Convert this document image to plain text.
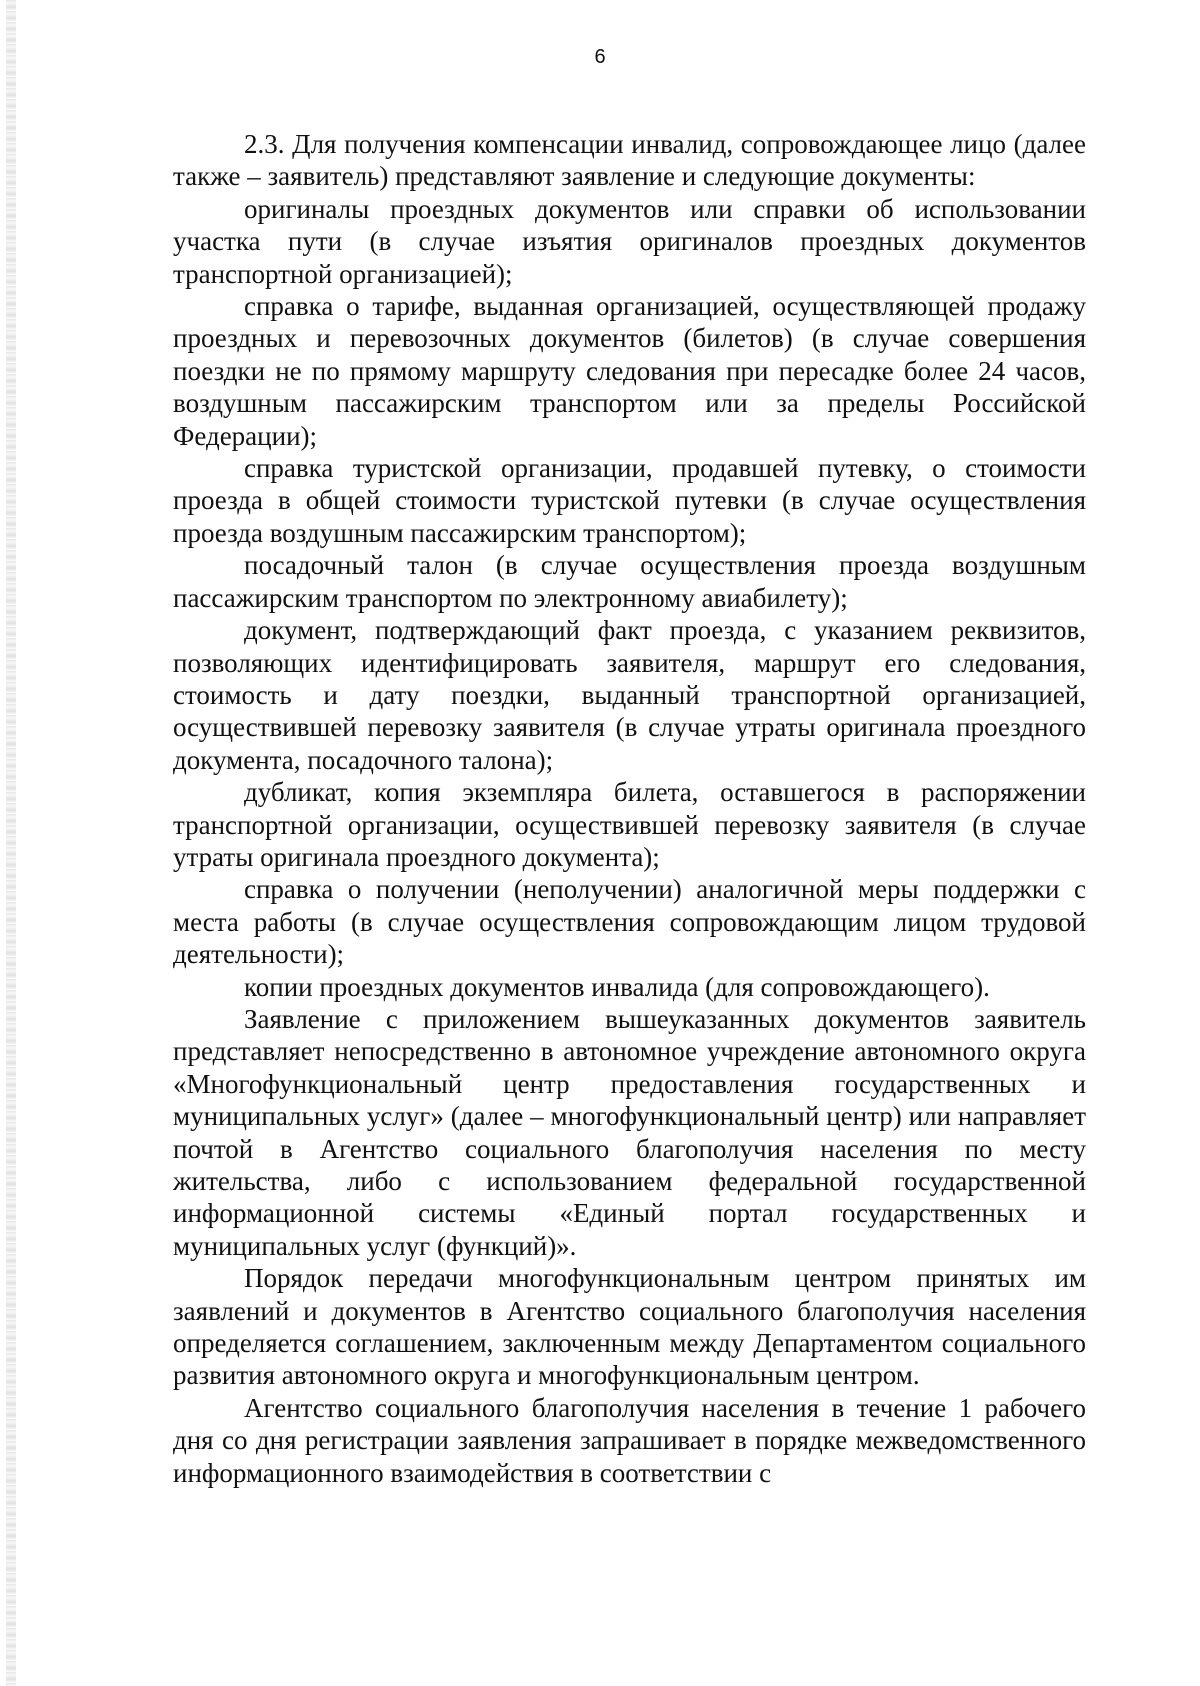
6

2.3. Для получения компенсации инвалид, сопровождающее лицо (далее также – заявитель) представляют заявление и следующие документы:

оригиналы проездных документов или справки об использовании участка пути (в случае изъятия оригиналов проездных документов транспортной организацией);

справка о тарифе, выданная организацией, осуществляющей продажу проездных и перевозочных документов (билетов) (в случае совершения поездки не по прямому маршруту следования при пересадке более 24 часов, воздушным пассажирским транспортом или за пределы Российской Федерации);

справка туристской организации, продавшей путевку, о стоимости проезда в общей стоимости туристской путевки (в случае осуществления проезда воздушным пассажирским транспортом);

посадочный талон (в случае осуществления проезда воздушным пассажирским транспортом по электронному авиабилету);

документ, подтверждающий факт проезда, с указанием реквизитов, позволяющих идентифицировать заявителя, маршрут его следования, стоимость и дату поездки, выданный транспортной организацией, осуществившей перевозку заявителя (в случае утраты оригинала проездного документа, посадочного талона);

дубликат, копия экземпляра билета, оставшегося в распоряжении транспортной организации, осуществившей перевозку заявителя (в случае утраты оригинала проездного документа);

справка о получении (неполучении) аналогичной меры поддержки с места работы (в случае осуществления сопровождающим лицом трудовой деятельности);

копии проездных документов инвалида (для сопровождающего).

Заявление с приложением вышеуказанных документов заявитель представляет непосредственно в автономное учреждение автономного округа «Многофункциональный центр предоставления государственных и муниципальных услуг» (далее – многофункциональный центр) или направляет почтой в Агентство социального благополучия населения по месту жительства, либо с использованием федеральной государственной информационной системы «Единый портал государственных и муниципальных услуг (функций)».

Порядок передачи многофункциональным центром принятых им заявлений и документов в Агентство социального благополучия населения определяется соглашением, заключенным между Департаментом социального развития автономного округа и многофункциональным центром.

Агентство социального благополучия населения в течение 1 рабочего дня со дня регистрации заявления запрашивает в порядке межведомственного информационного взаимодействия в соответствии с
